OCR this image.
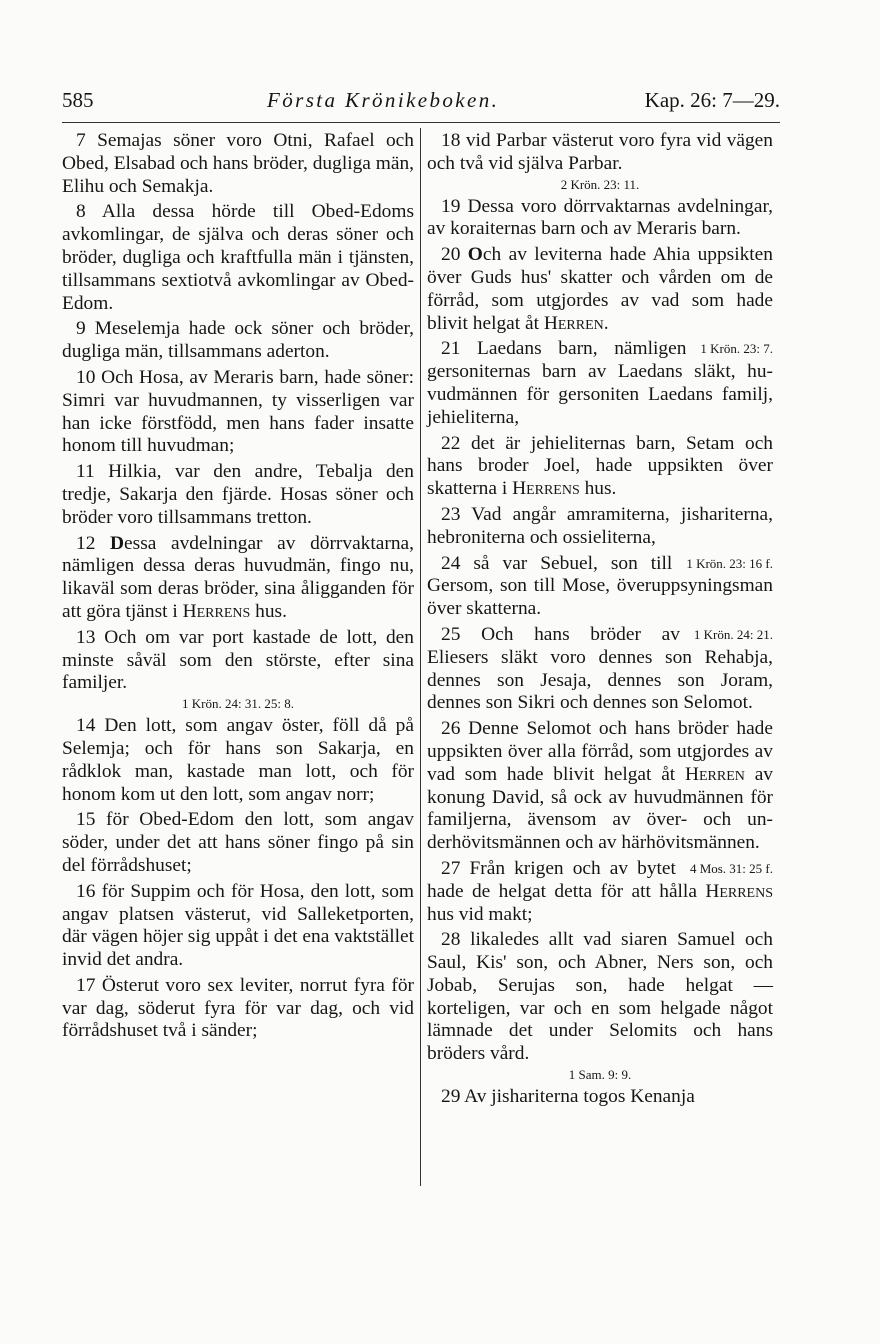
585	Första Krönikeboken.	Kap. 26: 7—29.

7 Semajas söner voro Otni, Rafael och Obed, Elsabad och hans bröder, dugliga män, Elihu och Semakja.

8 Alla dessa hörde till Obed-Edoms avkomlingar, de själva och deras söner och bröder, dugliga och kraftfulla män i tjänsten, tillsammans sextiotvå avkomlingar av Obed-Edom.

9 Meselemja hade ock söner och bröder, dugliga män, tillsammans aderton.

10 Och Hosa, av Meraris barn, hade söner: Simri var huvudmannen, ty visserligen var han icke förstfödd, men hans fader insatte honom till huvudman;

11 Hilkia, var den andre, Tebalja den tredje, Sakarja den fjärde. Hosas söner och bröder voro tillsammans tretton.

12 Dessa avdelningar av dörrvaktarna, nämligen dessa deras huvudmän, fingo nu, likaväl som deras bröder, sina åligganden för att göra tjänst i Herrens hus.

13 Och om var port kastade de lott, den minste såväl som den störste, efter sina familjer.
1 Krön. 24: 31. 25: 8.

14 Den lott, som angav öster, föll då på Selemja; och för hans son Sakarja, en rådklok man, kastade man lott, och för honom kom ut den lott, som angav norr;

15 för Obed-Edom den lott, som angav söder, under det att hans söner fingo på sin del förrådshuset;

16 för Suppim och för Hosa, den lott, som angav platsen västerut, vid Salleketporten, där vägen höjer sig uppåt i det ena vaktstället invid det andra.

17 Österut voro sex leviter, norrut fyra för var dag, söderut fyra för var dag, och vid förrådshuset två i sänder;

18 vid Parbar västerut voro fyra vid vägen och två vid själva Parbar.
2 Krön. 23: 11.

19 Dessa voro dörrvaktarnas avdelningar, av koraiternas barn och av Meraris barn.

20 Och av leviterna hade Ahia uppsikten över Guds hus' skatter och vården om de förråd, som utgjordes av vad som hade blivit helgat åt Herren.

1 Krön. 23: 7.
21 Laedans barn, nämligen gersoniternas barn av Laedans släkt, huvudmännen för gersoniten Laedans familj, jehieliterna,

22 det är jehieliternas barn, Setam och hans broder Joel, hade uppsikten över skatterna i Herrens hus.

23 Vad angår amramiterna, jishariterna, hebroniterna och ossieliterna,

1 Krön. 23: 16 f.
24 så var Sebuel, son till Gersom, son till Mose, överuppsyningsman över skatterna.

1 Krön. 24: 21.
25 Och hans bröder av Eliesers släkt voro dennes son Rehabja, dennes son Jesaja, dennes son Joram, dennes son Sikri och dennes son Selomot.

26 Denne Selomot och hans bröder hade uppsikten över alla förråd, som utgjordes av vad som hade blivit helgat åt Herren av konung David, så ock av huvudmännen för familjerna, ävensom av över- och underhövitsmännen och av härhövitsmännen.

4 Mos. 31: 25 f.
27 Från krigen och av bytet hade de helgat detta för att hålla Herrens hus vid makt;

28 likaledes allt vad siaren Samuel och Saul, Kis' son, och Abner, Ners son, och Jobab, Serujas son, hade helgat — korteligen, var och en som helgade något lämnade det under Selomits och hans bröders vård.
1 Sam. 9: 9.

29 Av jishariterna togos Kenanja
